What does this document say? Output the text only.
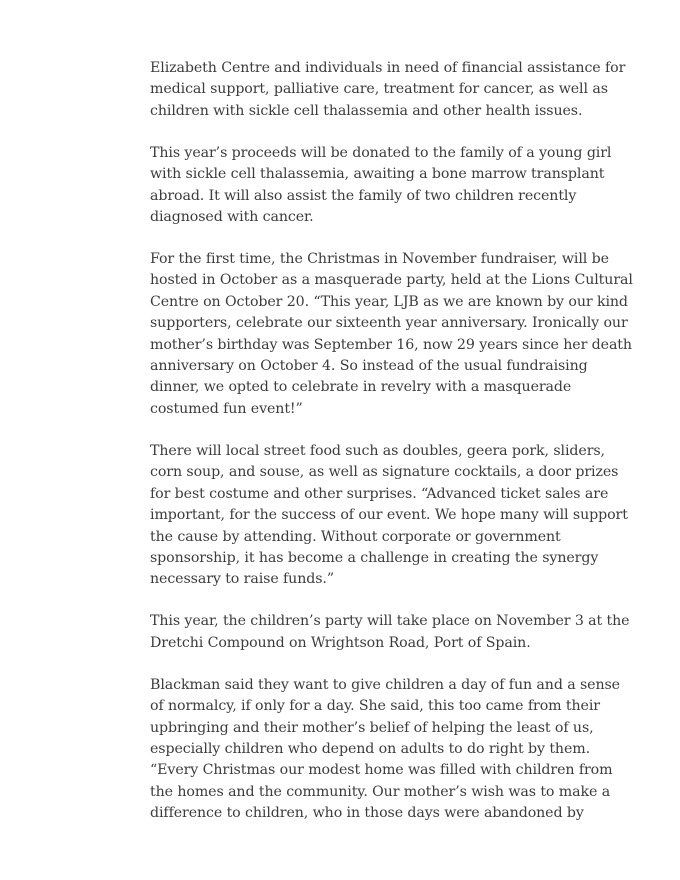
Elizabeth Centre and individuals in need of financial assistance for
medical support, palliative care, treatment for cancer, as well as
children with sickle cell thalassemia and other health issues.

This year’s proceeds will be donated to the family of a young girl
with sickle cell thalassemia, awaiting a bone marrow transplant
abroad. It will also assist the family of two children recently
diagnosed with cancer.

For the first time, the Christmas in November fundraiser, will be
hosted in October as a masquerade party, held at the Lions Cultural
Centre on October 20. “This year, LJB as we are known by our kind
supporters, celebrate our sixteenth year anniversary. Ironically our
mother’s birthday was September 16, now 29 years since her death
anniversary on October 4. So instead of the usual fundraising
dinner, we opted to celebrate in revelry with a masquerade
costumed fun event!”

There will local street food such as doubles, geera pork, sliders,
corn soup, and souse, as well as signature cocktails, a door prizes
for best costume and other surprises. “Advanced ticket sales are
important, for the success of our event. We hope many will support
the cause by attending. Without corporate or government
sponsorship, it has become a challenge in creating the synergy
necessary to raise funds.”

This year, the children’s party will take place on November 3 at the
Dretchi Compound on Wrightson Road, Port of Spain.

Blackman said they want to give children a day of fun and a sense
of normalcy, if only for a day. She said, this too came from their
upbringing and their mother’s belief of helping the least of us,
especially children who depend on adults to do right by them.
“Every Christmas our modest home was filled with children from
the homes and the community. Our mother’s wish was to make a
difference to children, who in those days were abandoned by
